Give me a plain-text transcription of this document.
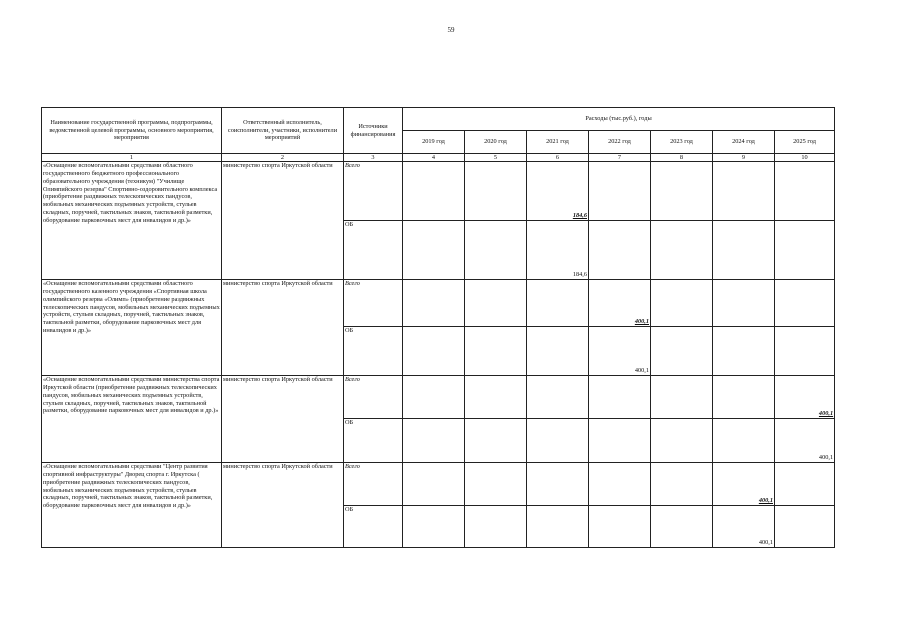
59
Наименование государственной программы, подпрограммы, ведомственной целевой программы, основного мероприятия, мероприятия	Ответственный исполнитель, соисполнители, участники, исполнители мероприятий	Источники финансирования	Расходы (тыс.руб.), годы						
			2019 год	2020 год	2021 год	2022 год	2023 год	2024 год	2025 год
1	2	3	4	5	6	7	8	9	10
«Оснащение вспомогательными средствами областного государственного бюджетного профессионального образовательного учреждения (техникум) "Училище Олимпийского резерва" Спортивно-оздоровительного комплекса (приобретение раздвижных телескопических пандусов, мобильных механических подъемных устройств, стульев складных, поручней, тактильных знаков, тактильной разметки, оборудование парковочных мест для инвалидов и др.)»	министерство спорта Иркутской области	Всего			184,6				
		ОБ			184,6				
«Оснащение вспомогательными средствами областного государственного казенного учреждения «Спортивная школа олимпийского резерва «Олимп» (приобретение раздвижных телескопических пандусов, мобильных механических подъемных устройств, стульев складных, поручней, тактильных знаков, тактильной разметки, оборудование парковочных мест для инвалидов и др.)»	министерство спорта Иркутской области	Всего				400,1			
		ОБ				400,1			
«Оснащение вспомогательными средствами министерства спорта Иркутской области (приобретение раздвижных телескопических пандусов, мобильных механических подъемных устройств, стульев складных, поручней, тактильных знаков, тактильной разметки, оборудование парковочных мест для инвалидов и др.)»	министерство спорта Иркутской области	Всего							400,1
		ОБ							400,1
«Оснащение вспомогательными средствами "Центр развития спортивной инфраструктуры" Дворец спорта г. Иркутска ( приобретение раздвижных телескопических пандусов, мобильных механических подъемных устройств, стульев складных, поручней, тактильных знаков, тактильной разметки, оборудование парковочных мест для инвалидов и др.)»	министерство спорта Иркутской области	Всего						400,1	
		ОБ						400,1	
